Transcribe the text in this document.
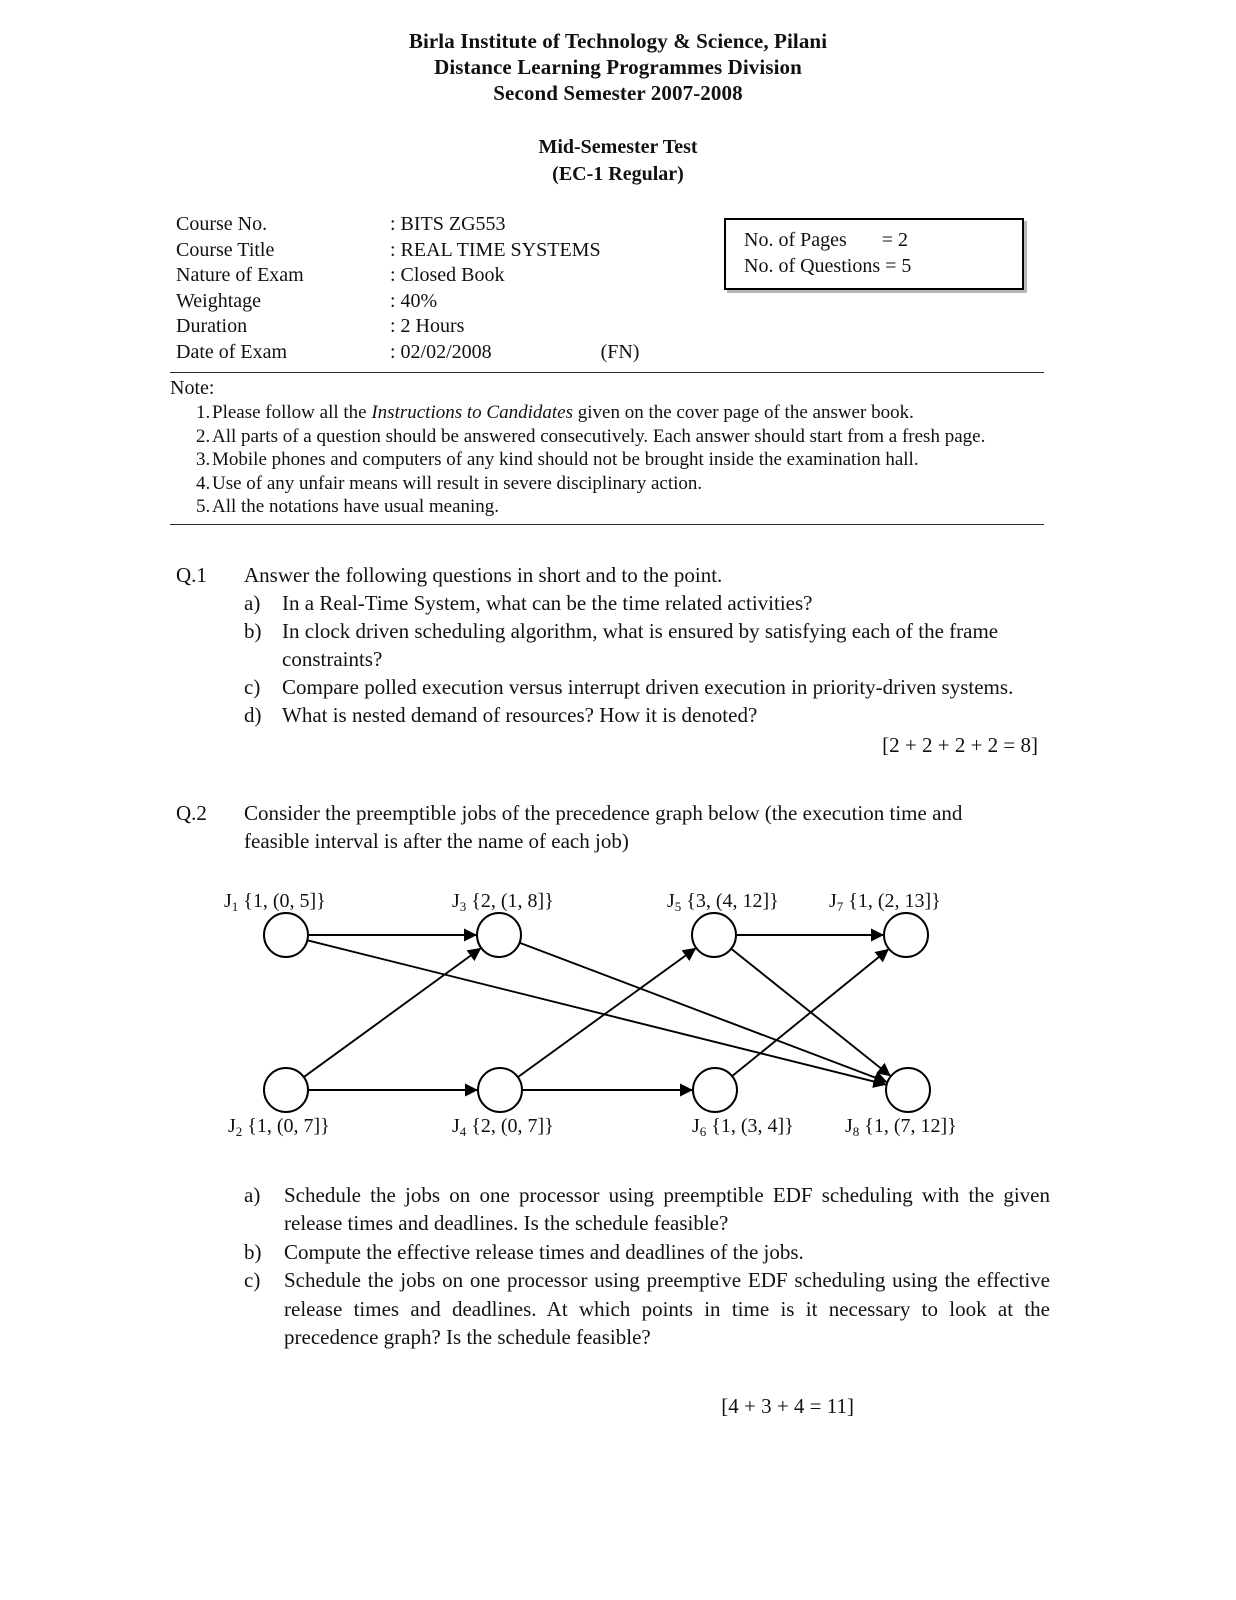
Birla Institute of Technology & Science, Pilani
Distance Learning Programmes Division
Second Semester 2007-2008
Mid-Semester Test
(EC-1 Regular)
Course No.	: BITS ZG553	
Course Title	: REAL TIME SYSTEMS	
Nature of Exam	: Closed Book	
Weightage	: 40%	
Duration	: 2 Hours	
Date of Exam	: 02/02/2008	(FN)
No. of Pages       = 2
No. of Questions = 5
Note:
1. Please follow all the Instructions to Candidates given on the cover page of the answer book.
2. All parts of a question should be answered consecutively. Each answer should start from a fresh page.
3. Mobile phones and computers of any kind should not be brought inside the examination hall.
4. Use of any unfair means will result in severe disciplinary action.
5. All the notations have usual meaning.
Q.1 Answer the following questions in short and to the point.
a) In a Real-Time System, what can be the time related activities?
b) In clock driven scheduling algorithm, what is ensured by satisfying each of the frame constraints?
c) Compare polled execution versus interrupt driven execution in priority-driven systems.
d) What is nested demand of resources? How it is denoted?
[2 + 2 + 2 + 2 = 8]
Q.2 Consider the preemptible jobs of the precedence graph below (the execution time and feasible interval is after the name of each job)
$J_1$ {1, (0, 5]}	$J_3$ {2, (1, 8]}	$J_5$ {3, (4, 12]}	$J_7$ {1, (2, 13]}
$J_2$ {1, (0, 7]}	$J_4$ {2, (0, 7]}	$J_6$ {1, (3, 4]}	$J_8$ {1, (7, 12]}
a) Schedule the jobs on one processor using preemptible EDF scheduling with the given release times and deadlines. Is the schedule feasible?
b) Compute the effective release times and deadlines of the jobs.
c) Schedule the jobs on one processor using preemptive EDF scheduling using the effective release times and deadlines. At which points in time is it necessary to look at the precedence graph? Is the schedule feasible?
[4 + 3 + 4 = 11]
